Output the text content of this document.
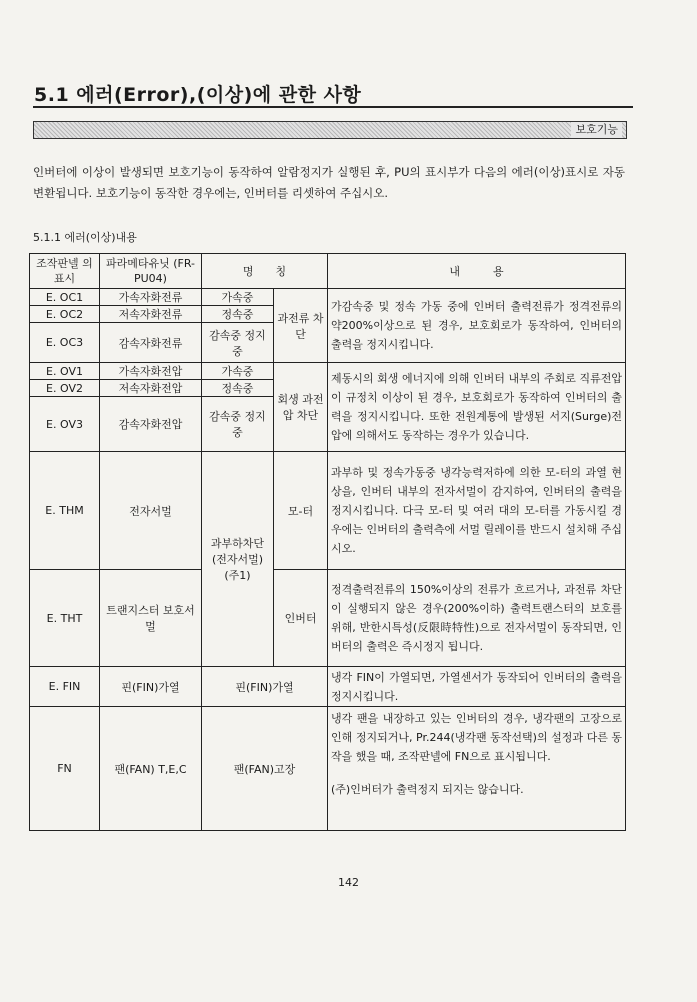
5.1 에러(Error),(이상)에 관한 사항
보호기능
인버터에 이상이 발생되면 보호기능이 동작하여 알람정지가 실행된 후, PU의 표시부가 다음의 에러(이상)표시로 자동변환됩니다. 보호기능이 동작한 경우에는, 인버터를 리셋하여 주십시오.
5.1.1 에러(이상)내용
조작판넬 의표시	파라메타유닛 (FR-PU04)	명　　칭		내　　　용
E. OC1	가속자화전류	가속중	과전류 차단	가감속중 및 정속 가동 중에 인버터 출력전류가 정격전류의 약200%이상으로 된 경우, 보호회로가 동작하여, 인버터의 출력을 정지시킵니다.
E. OC2	저속자화전류	정속중		
E. OC3	감속자화전류	감속중 정지중		
E. OV1	가속자화전압	가속중	회생 과전압 차단	제동시의 회생 에너지에 의해 인버터 내부의 주회로 직류전압이 규정치 이상이 된 경우, 보호회로가 동작하여 인버터의 출력을 정지시킵니다. 또한 전원계통에 발생된 서지(Surge)전압에 의해서도 동작하는 경우가 있습니다.
E. OV2	저속자화전압	정속중		
E. OV3	감속자화전압	감속중 정지중		
E. THM	전자서멀	과부하차단 (전자서멀) (주1)	모-터	과부하 및 정속가동중 냉각능력저하에 의한 모-터의 과열 현상을, 인버터 내부의 전자서멀이 감지하여, 인버터의 출력을 정지시킵니다. 다극 모-터 및 여러 대의 모-터를 가동시킬 경우에는 인버터의 출력측에 서멀 릴레이를 반드시 설치해 주십시오.
E. THT	트랜지스터 보호서멀		인버터	정격출력전류의 150%이상의 전류가 흐르거나, 과전류 차단이 실행되지 않은 경우(200%이하) 출력트랜스터의 보호를 위해, 반한시특성(反限時特性)으로 전자서멀이 동작되면, 인버터의 출력은 즉시정지 됩니다.
E. FIN	핀(FIN)가열	핀(FIN)가열		냉각 FIN이 가열되면, 가열센서가 동작되어 인버터의 출력을 정지시킵니다.
FN	팬(FAN) T,E,C	팬(FAN)고장		냉각 팬을 내장하고 있는 인버터의 경우, 냉각팬의 고장으로 인해 정지되거나, Pr.244(냉각팬 동작선택)의 설정과 다른 동작을 했을 때, 조작판넬에 FN으로 표시됩니다.
(주)인버터가 출력정지 되지는 않습니다.
142
